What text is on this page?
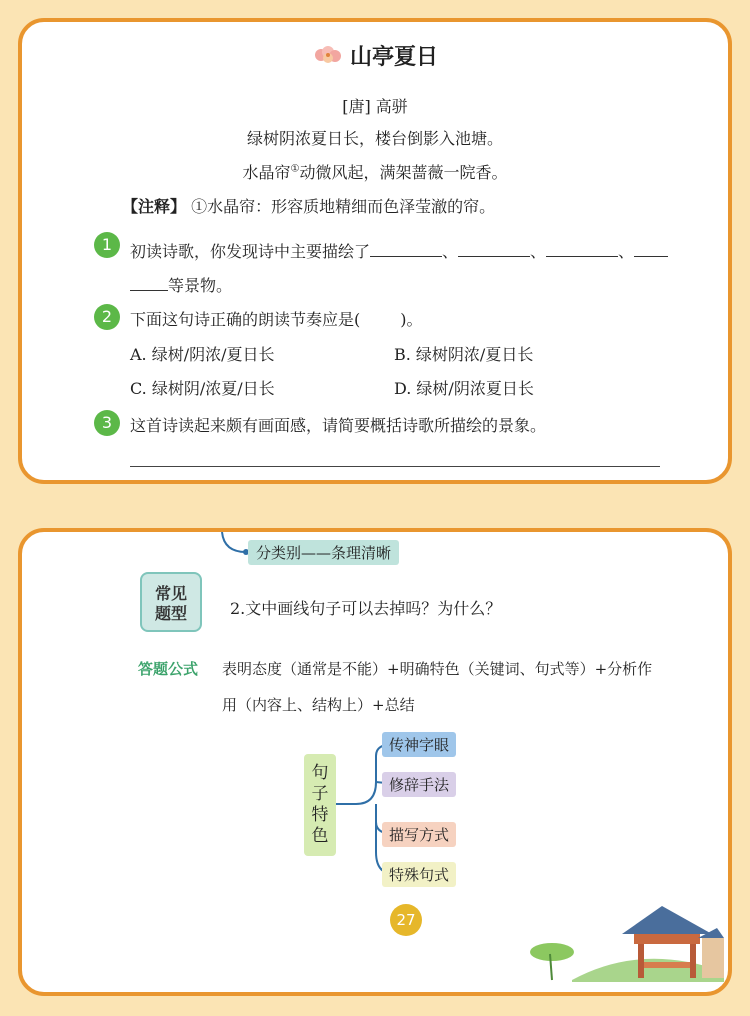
山亭夏日
[唐] 高骈
绿树阴浓夏日长，楼台倒影入池塘。
水晶帘①动微风起，满架蔷薇一院香。
【注释】 ①水晶帘：形容质地精细而色泽莹澈的帘。
1	初读诗歌，你发现诗中主要描绘了	、	、	、
等景物。
2	下面这句诗正确的朗读节奏应是(	)。
A. 绿树/阴浓/夏日长	B. 绿树阴浓/夏日长
C. 绿树阴/浓夏/日长	D. 绿树/阴浓夏日长
3	这首诗读起来颇有画面感，请简要概括诗歌所描绘的景象。
分类别——条理清晰
常见
题型	2.文中画线句子可以去掉吗？为什么？
答题公式 表明态度（通常是不能）+明确特色（关键词、句式等）+分析作
用（内容上、结构上）+总结
句
子
特
色
传神字眼
修辞手法
描写方式
特殊句式
27
